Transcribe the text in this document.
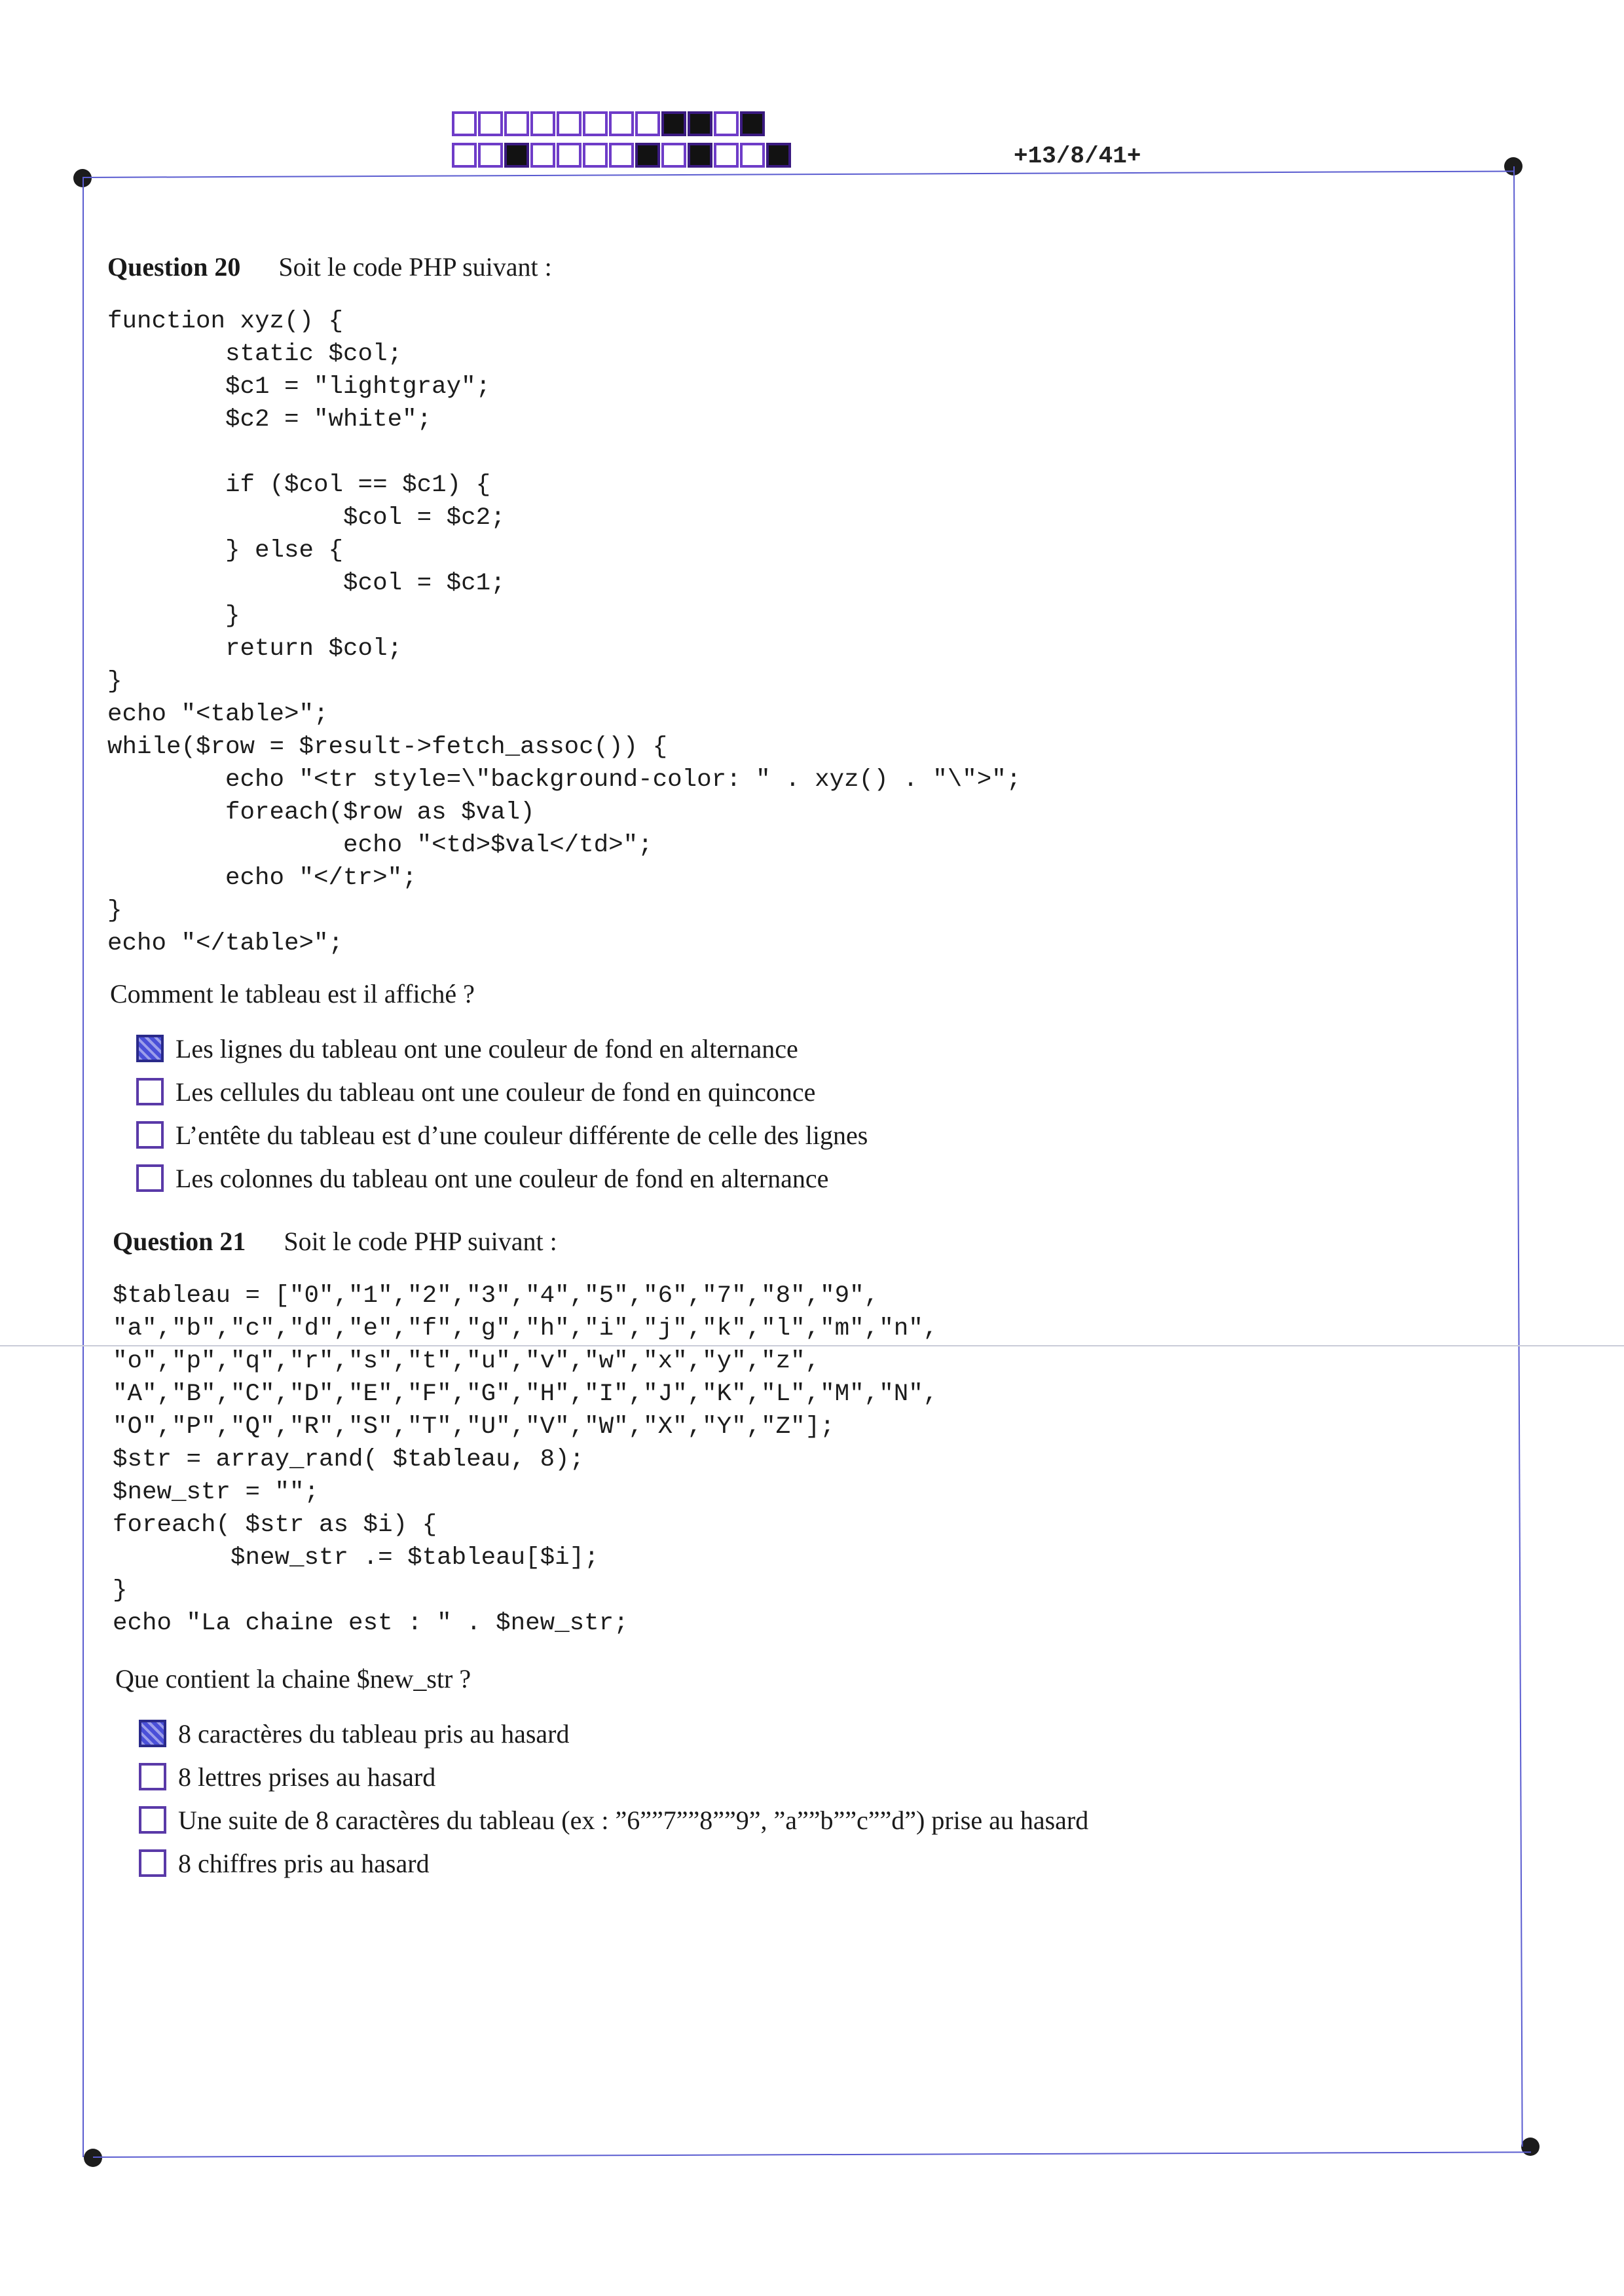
+13/8/41+
Question 20 Soit le code PHP suivant :
function xyz() {
static $col;
$c1 = "lightgray";
$c2 = "white";

if ($col == $c1) {
$col = $c2;
} else {
$col = $c1;
}
return $col;
}
echo "<table>";
while($row = $result->fetch_assoc()) {
echo "<tr style=\"background-color: " . xyz() . "\">";
foreach($row as $val)
echo "<td>$val</td>";
echo "</tr>";
}
echo "</table>";
Comment le tableau est il affiché ?
Les lignes du tableau ont une couleur de fond en alternance
Les cellules du tableau ont une couleur de fond en quinconce
L’entête du tableau est d’une couleur différente de celle des lignes
Les colonnes du tableau ont une couleur de fond en alternance
Question 21 Soit le code PHP suivant :
$tableau = ["0","1","2","3","4","5","6","7","8","9",
"a","b","c","d","e","f","g","h","i","j","k","l","m","n",
"o","p","q","r","s","t","u","v","w","x","y","z",
"A","B","C","D","E","F","G","H","I","J","K","L","M","N",
"O","P","Q","R","S","T","U","V","W","X","Y","Z"];
$str = array_rand( $tableau, 8);
$new_str = "";
foreach( $str as $i) {
$new_str .= $tableau[$i];
}
echo "La chaine est : " . $new_str;
Que contient la chaine $new_str ?
8 caractères du tableau pris au hasard
8 lettres prises au hasard
Une suite de 8 caractères du tableau (ex : ”6””7””8””9”, ”a””b””c””d”) prise au hasard
8 chiffres pris au hasard
